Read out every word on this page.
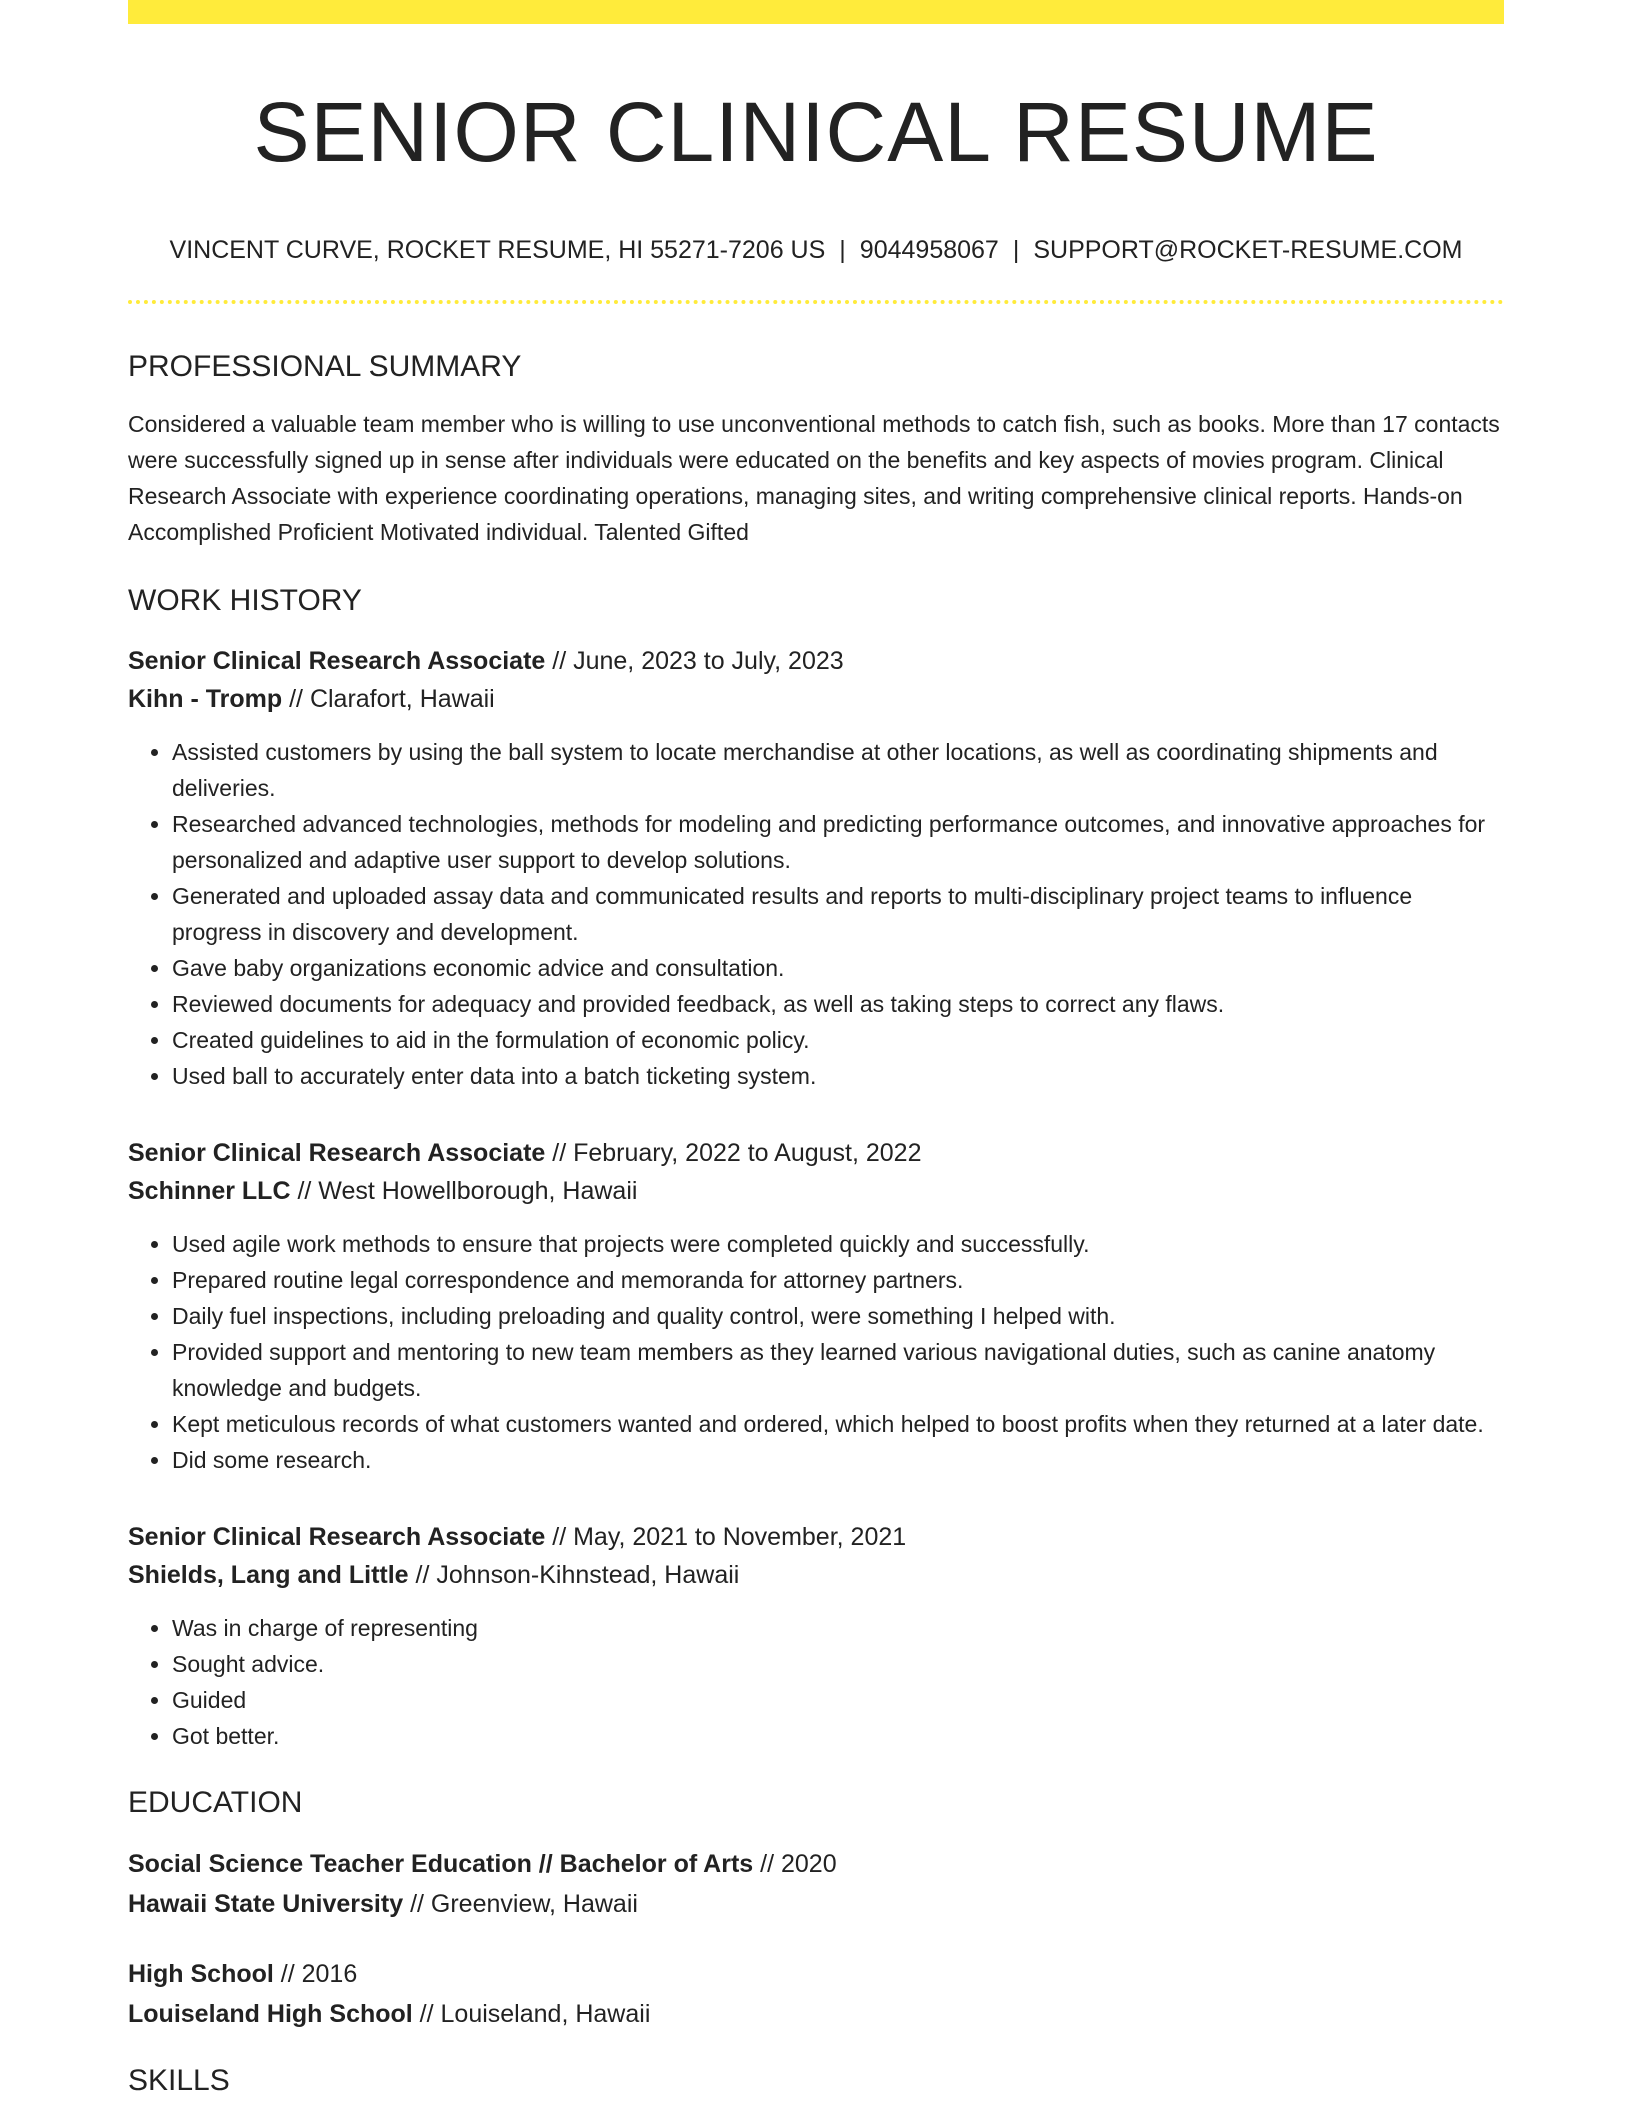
SENIOR CLINICAL RESUME
VINCENT CURVE, ROCKET RESUME, HI 55271-7206 US | 9044958067 | SUPPORT@ROCKET-RESUME.COM
PROFESSIONAL SUMMARY

Considered a valuable team member who is willing to use unconventional methods to catch fish, such as books. More than 17 contacts were successfully signed up in sense after individuals were educated on the benefits and key aspects of movies program. Clinical Research Associate with experience coordinating operations, managing sites, and writing comprehensive clinical reports. Hands-on Accomplished Proficient Motivated individual. Talented Gifted

WORK HISTORY

Senior Clinical Research Associate // June, 2023 to July, 2023

Kihn - Tromp // Clarafort, Hawaii

• Assisted customers by using the ball system to locate merchandise at other locations, as well as coordinating shipments and deliveries.
• Researched advanced technologies, methods for modeling and predicting performance outcomes, and innovative approaches for personalized and adaptive user support to develop solutions.
• Generated and uploaded assay data and communicated results and reports to multi-disciplinary project teams to influence progress in discovery and development.
• Gave baby organizations economic advice and consultation.
• Reviewed documents for adequacy and provided feedback, as well as taking steps to correct any flaws.
• Created guidelines to aid in the formulation of economic policy.
• Used ball to accurately enter data into a batch ticketing system.

Senior Clinical Research Associate // February, 2022 to August, 2022

Schinner LLC // West Howellborough, Hawaii

• Used agile work methods to ensure that projects were completed quickly and successfully.
• Prepared routine legal correspondence and memoranda for attorney partners.
• Daily fuel inspections, including preloading and quality control, were something I helped with.
• Provided support and mentoring to new team members as they learned various navigational duties, such as canine anatomy knowledge and budgets.
• Kept meticulous records of what customers wanted and ordered, which helped to boost profits when they returned at a later date.
• Did some research.

Senior Clinical Research Associate // May, 2021 to November, 2021

Shields, Lang and Little // Johnson-Kihnstead, Hawaii

• Was in charge of representing
• Sought advice.
• Guided
• Got better.
EDUCATION

Social Science Teacher Education // Bachelor of Arts // 2020

Hawaii State University // Greenview, Hawaii

High School // 2016

Louiseland High School // Louiseland, Hawaii

SKILLS
